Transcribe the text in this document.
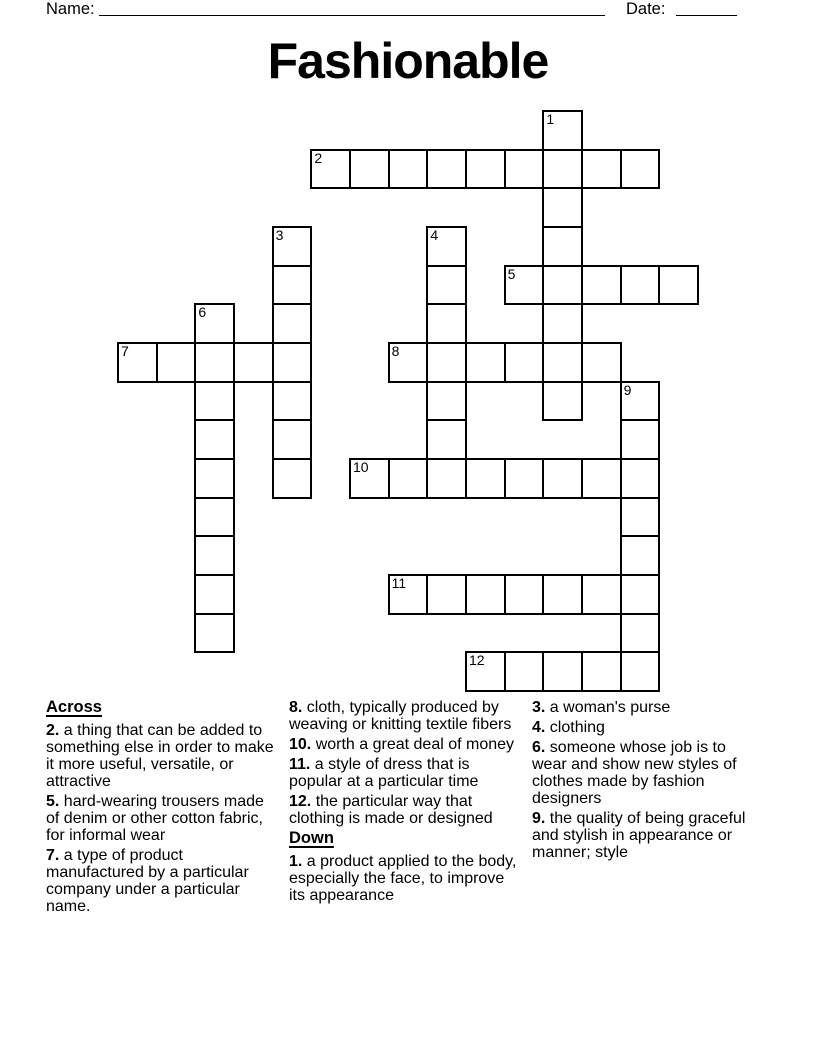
Name:	Date:
Fashionable
1
2
3	4
5
6
7	8
9
10
11
12
Across

2. a thing that can be added to something else in order to make it more useful, versatile, or attractive

5. hard-wearing trousers made of denim or other cotton fabric, for informal wear

7. a type of product manufactured by a particular company under a particular name.

8. cloth, typically produced by weaving or knitting textile fibers

10. worth a great deal of money

11. a style of dress that is popular at a particular time

12. the particular way that clothing is made or designed

Down

1. a product applied to the body, especially the face, to improve its appearance

3. a woman's purse

4. clothing

6. someone whose job is to wear and show new styles of clothes made by fashion designers

9. the quality of being graceful and stylish in appearance or manner; style
